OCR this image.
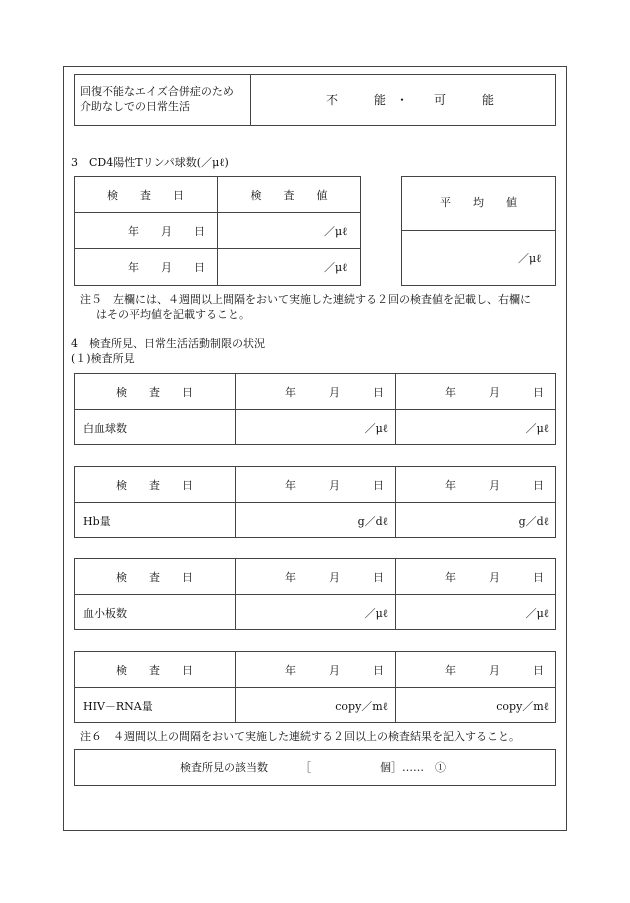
回復不能なエイズ合併症のため
介助なしでの日常生活	不　能
・ 可　能
3　CD4陽性Tリンパ球数(／μℓ)
検　　査　　日	検　　査　　値
年　　月　　日	／μℓ
年　　月　　日	／μℓ
平　　均　　値
／μℓ
注５　左欄には、４週間以上間隔をおいて実施した連続する２回の検査値を記載し、右欄に
はその平均値を記載すること。
4　検査所見、日常生活活動制限の状況
(１)検査所見
検　　査　　日	年　　　月　　　日	年　　　月　　　日
白血球数	／μℓ	／μℓ
検　　査　　日	年　　　月　　　日	年　　　月　　　日
Hb量	g／dℓ	g／dℓ
検　　査　　日	年　　　月　　　日	年　　　月　　　日
血小板数	／μℓ	／μℓ
検　　査　　日	年　　　月　　　日	年　　　月　　　日
HIV－RNA量	copy／mℓ	copy／mℓ
注６　４週間以上の間隔をおいて実施した連続する２回以上の検査結果を記入すること。
検査所見の該当数	［	個］……　①
